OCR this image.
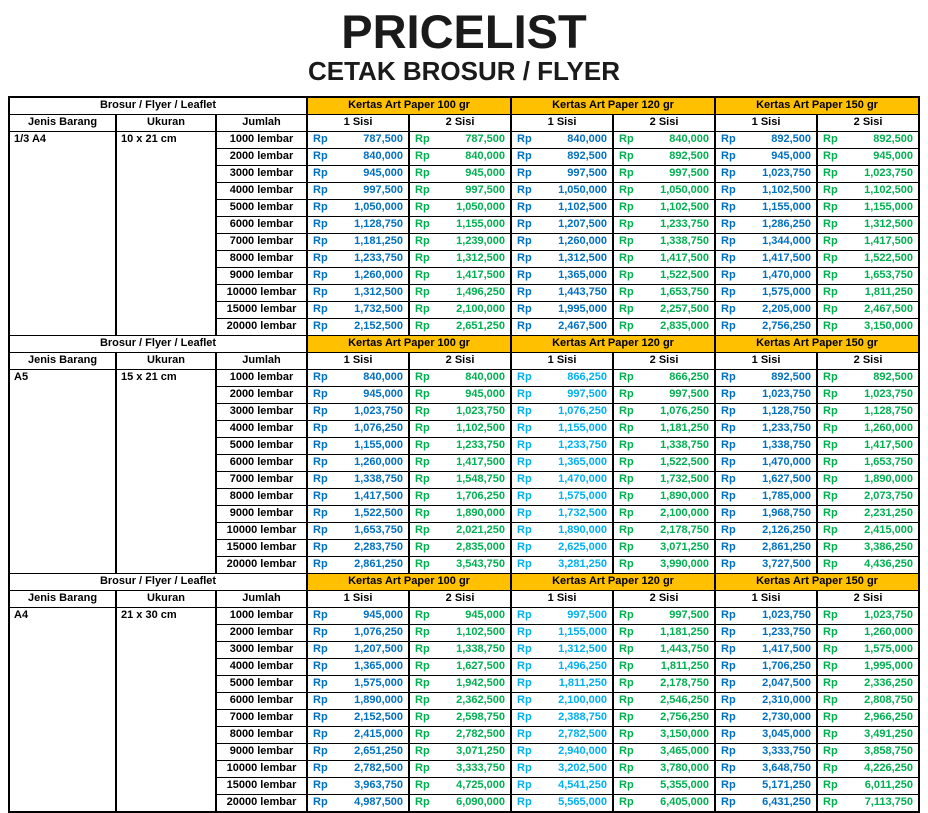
PRICELIST
CETAK BROSUR / FLYER
Brosur / Flyer / Leaflet			Kertas Art Paper 100 gr		Kertas Art Paper 120 gr		Kertas Art Paper 150 gr	
Jenis Barang	Ukuran	Jumlah	1 Sisi	2 Sisi	1 Sisi	2 Sisi	1 Sisi	2 Sisi
1/3 A4	10 x 21 cm	1000 lembar	Rp 787,500	Rp 787,500	Rp 840,000	Rp 840,000	Rp 892,500	Rp 892,500

		2000 lembar	Rp 840,000	Rp 840,000	Rp 892,500	Rp 892,500	Rp 945,000	Rp 945,000

		3000 lembar	Rp 945,000	Rp 945,000	Rp 997,500	Rp 997,500	Rp 1,023,750	Rp 1,023,750

		4000 lembar	Rp 997,500	Rp 997,500	Rp 1,050,000	Rp 1,050,000	Rp 1,102,500	Rp 1,102,500

		5000 lembar	Rp 1,050,000	Rp 1,050,000	Rp 1,102,500	Rp 1,102,500	Rp 1,155,000	Rp 1,155,000

		6000 lembar	Rp 1,128,750	Rp 1,155,000	Rp 1,207,500	Rp 1,233,750	Rp 1,286,250	Rp 1,312,500

		7000 lembar	Rp 1,181,250	Rp 1,239,000	Rp 1,260,000	Rp 1,338,750	Rp 1,344,000	Rp 1,417,500

		8000 lembar	Rp 1,233,750	Rp 1,312,500	Rp 1,312,500	Rp 1,417,500	Rp 1,417,500	Rp 1,522,500

		9000 lembar	Rp 1,260,000	Rp 1,417,500	Rp 1,365,000	Rp 1,522,500	Rp 1,470,000	Rp 1,653,750

		10000 lembar	Rp 1,312,500	Rp 1,496,250	Rp 1,443,750	Rp 1,653,750	Rp 1,575,000	Rp 1,811,250

		15000 lembar	Rp 1,732,500	Rp 2,100,000	Rp 1,995,000	Rp 2,257,500	Rp 2,205,000	Rp 2,467,500

		20000 lembar	Rp 2,152,500	Rp 2,651,250	Rp 2,467,500	Rp 2,835,000	Rp 2,756,250	Rp 3,150,000

Brosur / Flyer / Leaflet			Kertas Art Paper 100 gr		Kertas Art Paper 120 gr		Kertas Art Paper 150 gr	
Jenis Barang	Ukuran	Jumlah	1 Sisi	2 Sisi	1 Sisi	2 Sisi	1 Sisi	2 Sisi
A5	15 x 21 cm	1000 lembar	Rp 840,000	Rp 840,000	Rp 866,250	Rp 866,250	Rp 892,500	Rp 892,500

		2000 lembar	Rp 945,000	Rp 945,000	Rp 997,500	Rp 997,500	Rp 1,023,750	Rp 1,023,750

		3000 lembar	Rp 1,023,750	Rp 1,023,750	Rp 1,076,250	Rp 1,076,250	Rp 1,128,750	Rp 1,128,750

		4000 lembar	Rp 1,076,250	Rp 1,102,500	Rp 1,155,000	Rp 1,181,250	Rp 1,233,750	Rp 1,260,000

		5000 lembar	Rp 1,155,000	Rp 1,233,750	Rp 1,233,750	Rp 1,338,750	Rp 1,338,750	Rp 1,417,500

		6000 lembar	Rp 1,260,000	Rp 1,417,500	Rp 1,365,000	Rp 1,522,500	Rp 1,470,000	Rp 1,653,750

		7000 lembar	Rp 1,338,750	Rp 1,548,750	Rp 1,470,000	Rp 1,732,500	Rp 1,627,500	Rp 1,890,000

		8000 lembar	Rp 1,417,500	Rp 1,706,250	Rp 1,575,000	Rp 1,890,000	Rp 1,785,000	Rp 2,073,750

		9000 lembar	Rp 1,522,500	Rp 1,890,000	Rp 1,732,500	Rp 2,100,000	Rp 1,968,750	Rp 2,231,250

		10000 lembar	Rp 1,653,750	Rp 2,021,250	Rp 1,890,000	Rp 2,178,750	Rp 2,126,250	Rp 2,415,000

		15000 lembar	Rp 2,283,750	Rp 2,835,000	Rp 2,625,000	Rp 3,071,250	Rp 2,861,250	Rp 3,386,250

		20000 lembar	Rp 2,861,250	Rp 3,543,750	Rp 3,281,250	Rp 3,990,000	Rp 3,727,500	Rp 4,436,250

Brosur / Flyer / Leaflet			Kertas Art Paper 100 gr		Kertas Art Paper 120 gr		Kertas Art Paper 150 gr	
Jenis Barang	Ukuran	Jumlah	1 Sisi	2 Sisi	1 Sisi	2 Sisi	1 Sisi	2 Sisi
A4	21 x 30 cm	1000 lembar	Rp 945,000	Rp 945,000	Rp 997,500	Rp 997,500	Rp 1,023,750	Rp 1,023,750

		2000 lembar	Rp 1,076,250	Rp 1,102,500	Rp 1,155,000	Rp 1,181,250	Rp 1,233,750	Rp 1,260,000

		3000 lembar	Rp 1,207,500	Rp 1,338,750	Rp 1,312,500	Rp 1,443,750	Rp 1,417,500	Rp 1,575,000

		4000 lembar	Rp 1,365,000	Rp 1,627,500	Rp 1,496,250	Rp 1,811,250	Rp 1,706,250	Rp 1,995,000

		5000 lembar	Rp 1,575,000	Rp 1,942,500	Rp 1,811,250	Rp 2,178,750	Rp 2,047,500	Rp 2,336,250

		6000 lembar	Rp 1,890,000	Rp 2,362,500	Rp 2,100,000	Rp 2,546,250	Rp 2,310,000	Rp 2,808,750

		7000 lembar	Rp 2,152,500	Rp 2,598,750	Rp 2,388,750	Rp 2,756,250	Rp 2,730,000	Rp 2,966,250

		8000 lembar	Rp 2,415,000	Rp 2,782,500	Rp 2,782,500	Rp 3,150,000	Rp 3,045,000	Rp 3,491,250

		9000 lembar	Rp 2,651,250	Rp 3,071,250	Rp 2,940,000	Rp 3,465,000	Rp 3,333,750	Rp 3,858,750

		10000 lembar	Rp 2,782,500	Rp 3,333,750	Rp 3,202,500	Rp 3,780,000	Rp 3,648,750	Rp 4,226,250

		15000 lembar	Rp 3,963,750	Rp 4,725,000	Rp 4,541,250	Rp 5,355,000	Rp 5,171,250	Rp 6,011,250

		20000 lembar	Rp 4,987,500	Rp 6,090,000	Rp 5,565,000	Rp 6,405,000	Rp 6,431,250	Rp 7,113,750
